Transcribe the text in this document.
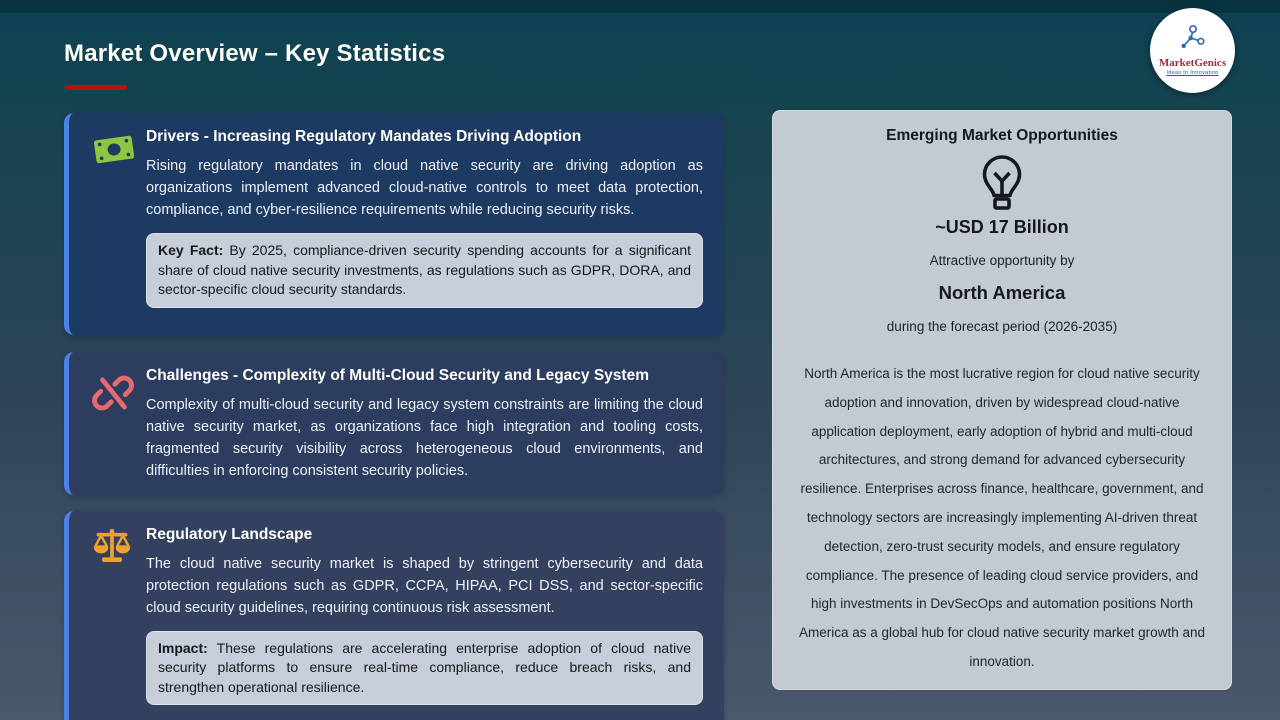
Market Overview – Key Statistics	MarketGenics
Ideas to Innovation
Drivers - Increasing Regulatory Mandates Driving Adoption

Rising regulatory mandates in cloud native security are driving adoption as organizations implement advanced cloud-native controls to meet data protection, compliance, and cyber-resilience requirements while reducing security risks.

Key Fact: By 2025, compliance-driven security spending accounts for a significant share of cloud native security investments, as regulations such as GDPR, DORA, and sector-specific cloud security standards.

Challenges - Complexity of Multi-Cloud Security and Legacy System

Complexity of multi-cloud security and legacy system constraints are limiting the cloud native security market, as organizations face high integration and tooling costs, fragmented security visibility across heterogeneous cloud environments, and difficulties in enforcing consistent security policies.

Regulatory Landscape

The cloud native security market is shaped by stringent cybersecurity and data protection regulations such as GDPR, CCPA, HIPAA, PCI DSS, and sector-specific cloud security guidelines, requiring continuous risk assessment.

Impact: These regulations are accelerating enterprise adoption of cloud native security platforms to ensure real-time compliance, reduce breach risks, and strengthen operational resilience.

Emerging Market Opportunities

~USD 17 Billion

Attractive opportunity by

North America

during the forecast period (2026-2035)

North America is the most lucrative region for cloud native security adoption and innovation, driven by widespread cloud-native application deployment, early adoption of hybrid and multi-cloud architectures, and strong demand for advanced cybersecurity resilience. Enterprises across finance, healthcare, government, and technology sectors are increasingly implementing AI-driven threat detection, zero-trust security models, and ensure regulatory compliance. The presence of leading cloud service providers, and high investments in DevSecOps and automation positions North America as a global hub for cloud native security market growth and innovation.
